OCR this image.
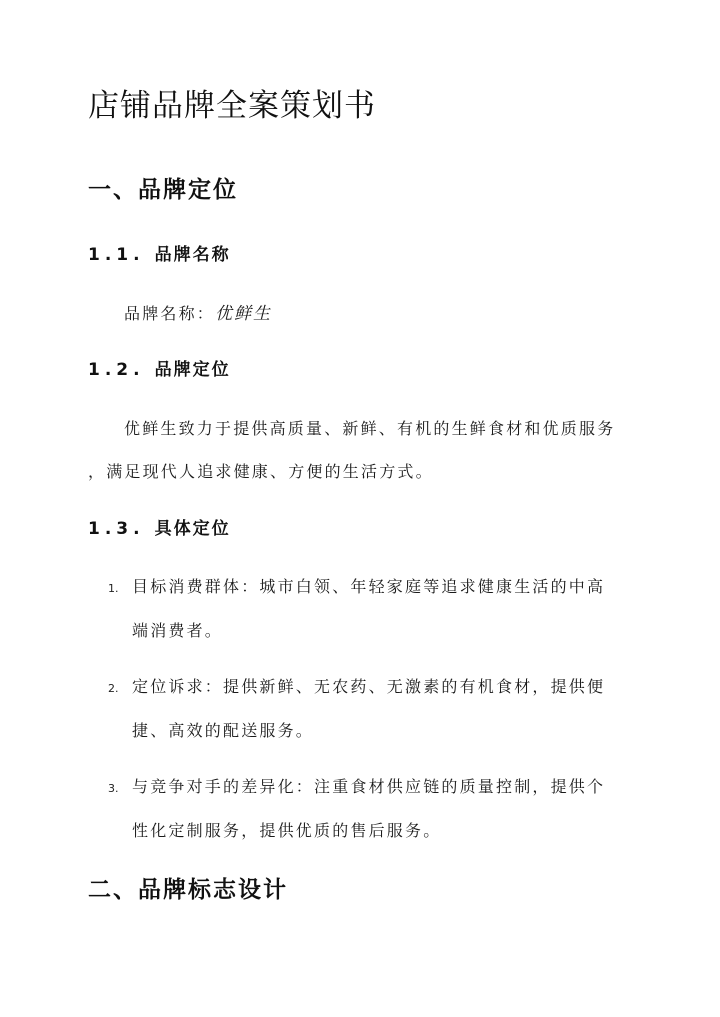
店铺品牌全案策划书
一、品牌定位
1.1. 品牌名称
品牌名称：优鲜生
1.2. 品牌定位
优鲜生致力于提供高质量、新鲜、有机的生鲜食材和优质服务
，满足现代人追求健康、方便的生活方式。
1.3. 具体定位
1. 目标消费群体：城市白领、年轻家庭等追求健康生活的中高
端消费者。
2. 定位诉求：提供新鲜、无农药、无激素的有机食材，提供便
捷、高效的配送服务。
3. 与竞争对手的差异化：注重食材供应链的质量控制，提供个
性化定制服务，提供优质的售后服务。
二、品牌标志设计
